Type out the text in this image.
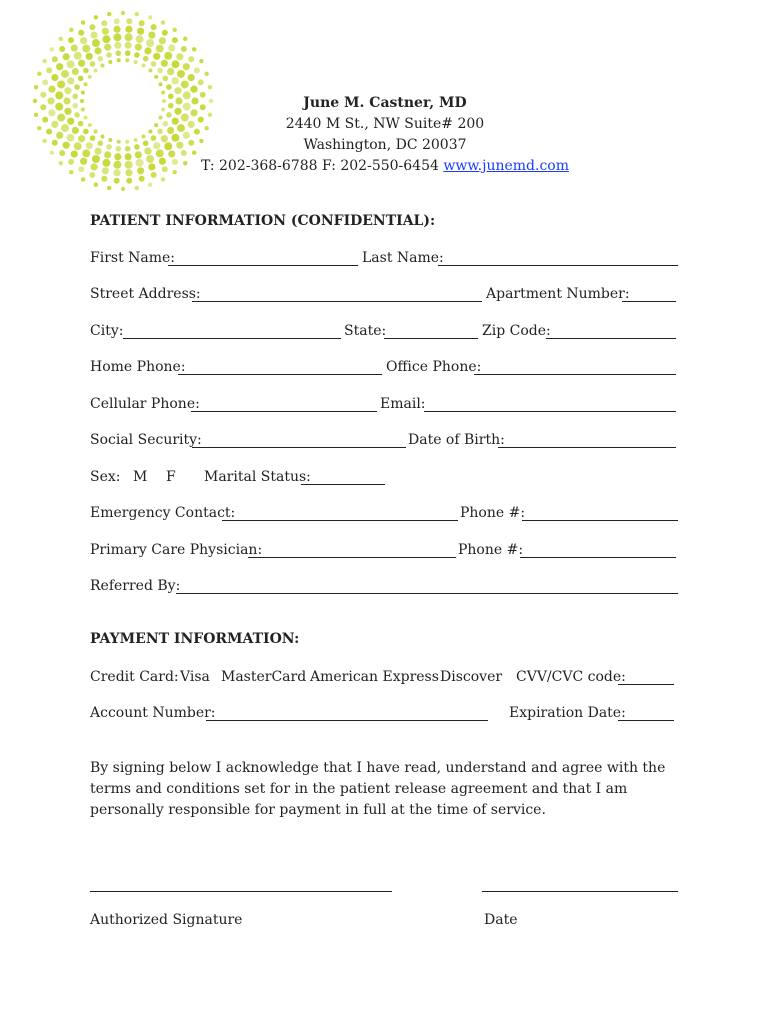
June M. Castner, MD
2440 M St., NW Suite# 200
Washington, DC 20037
T: 202-368-6788 F: 202-550-6454 www.junemd.com
PATIENT INFORMATION (CONFIDENTIAL):
First Name:	Last Name:
Street Address:	Apartment Number:
City:	State:	Zip Code:
Home Phone:	Office Phone:
Cellular Phone:	Email:
Social Security:	Date of Birth:
Sex: M F Marital Status:
Emergency Contact:	Phone #:
Primary Care Physician:	Phone #:
Referred By:
PAYMENT INFORMATION:
Credit Card: Visa MasterCard American Express Discover CVV/CVC code:
Account Number:	Expiration Date:
By signing below I acknowledge that I have read, understand and agree with the terms and conditions set for in the patient release agreement and that I am personally responsible for payment in full at the time of service.
Authorized Signature	Date
